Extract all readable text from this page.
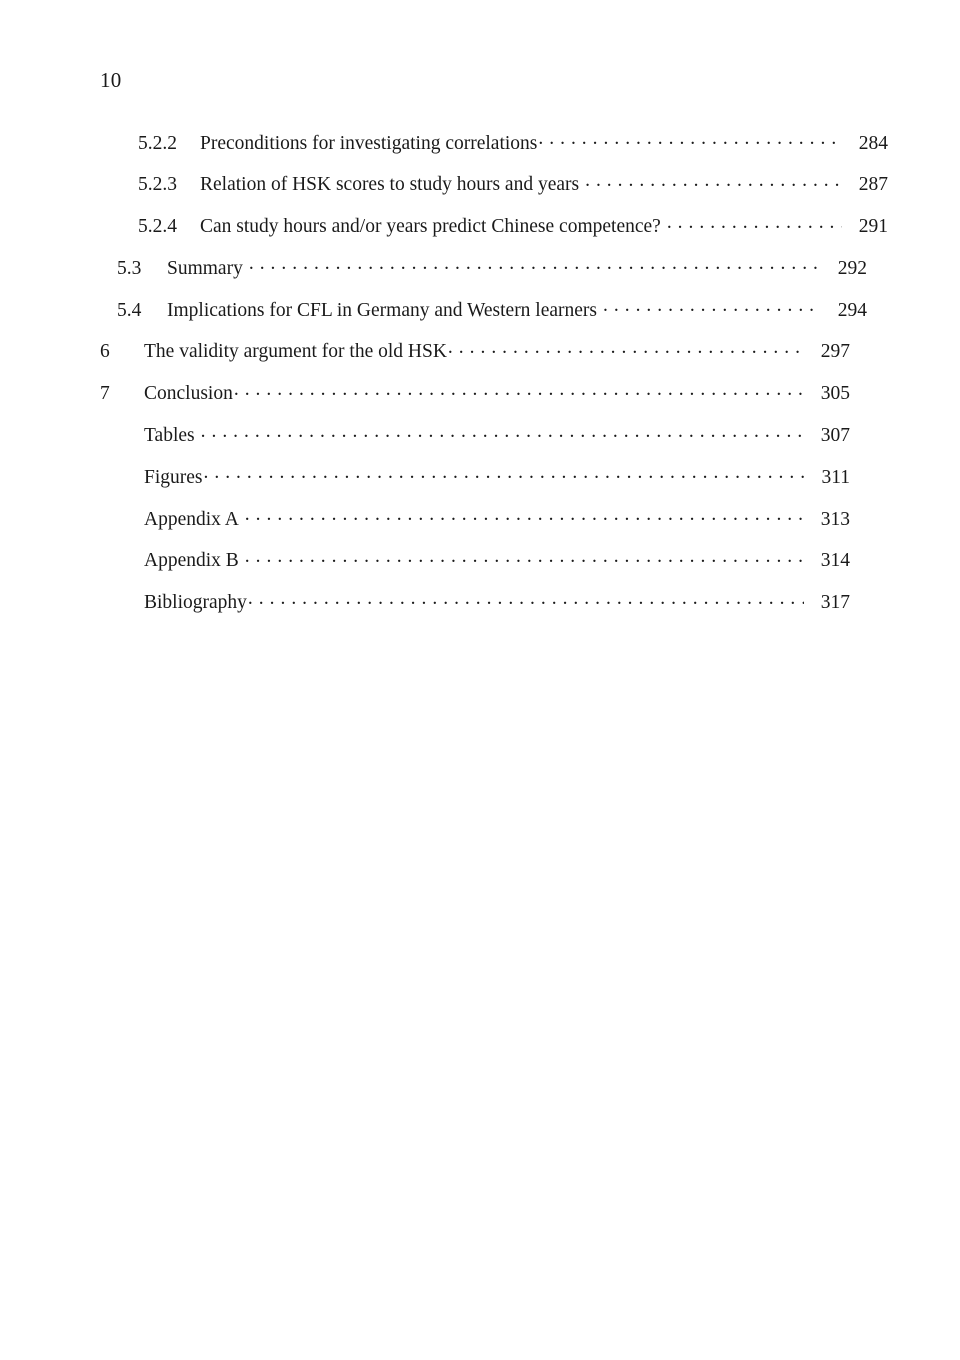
10
5.2.2	Preconditions for investigating correlations . . .	284
5.2.3	Relation of HSK scores to study hours and years . . .	287
5.2.4	Can study hours and/or years predict Chinese competence? . . .	291
5.3	Summary . . .	292
5.4	Implications for CFL in Germany and Western learners . . .	294
6	The validity argument for the old HSK . . .	297
7	Conclusion . . .	305
Tables . . .	307
Figures . . .	311
Appendix A . . .	313
Appendix B . . .	314
Bibliography . . .	317
